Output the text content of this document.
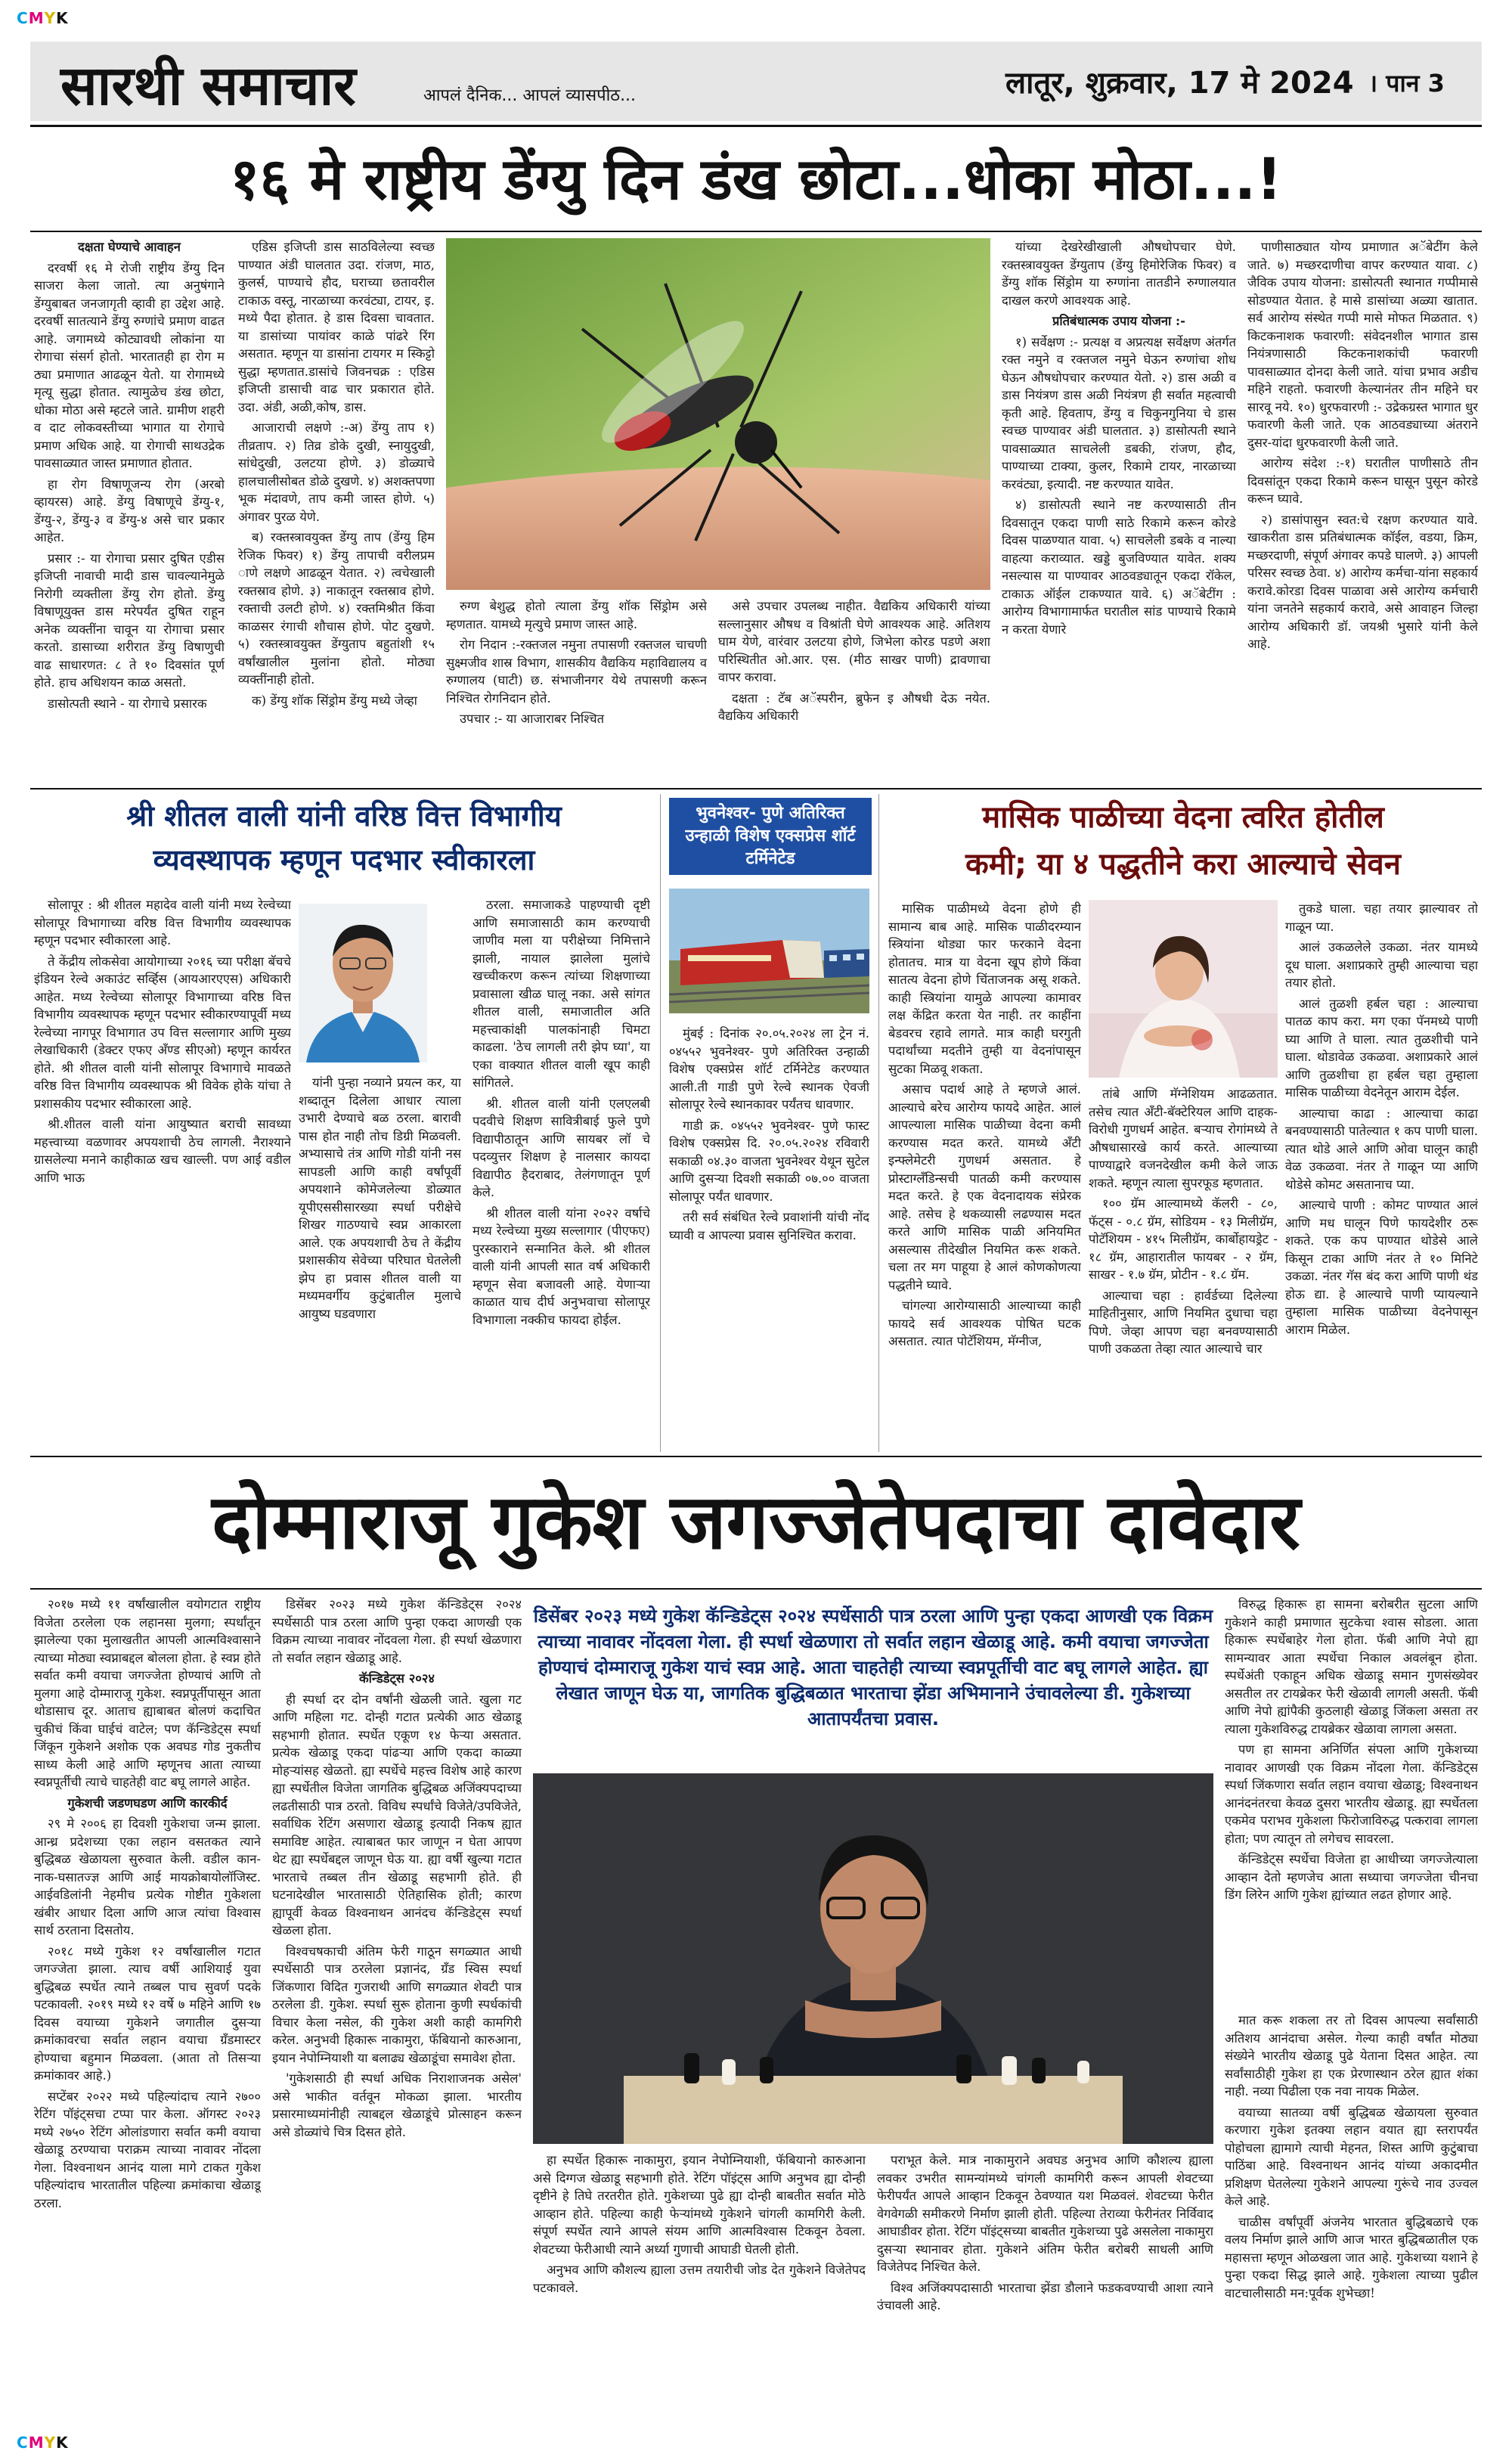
CMYK
CMYK
सारथी समाचार	आपलं दैनिक... आपलं व्यासपीठ...	लातूर, शुक्रवार, 17 मे 2024 । पान 3
१६ मे राष्ट्रीय डेंग्यु दिन डंख छोटा...धोका मोठा...!

दक्षता घेण्याचे आवाहन

दरवर्षी १६ मे रोजी राष्ट्रीय डेंग्यु दिन साजरा केला जातो. त्या अनुषंगाने डेंग्युबाबत जनजागृती व्हावी हा उद्देश आहे. दरवर्षी सातत्याने डेंग्यु रुग्णांचे प्रमाण वाढत आहे. जगामध्ये कोट्यावधी लोकांना या रोगाचा संसर्ग होतो. भारतातही हा रोग म ठ्या प्रमाणात आढळून येतो. या रोगामध्ये मृत्यू सुद्धा होतात. त्यामुळेच डंख छोटा, धोका मोठा असे म्हटले जाते. ग्रामीण शहरी व दाट लोकवस्तीच्या भागात या रोगाचे प्रमाण अधिक आहे. या रोगाची साथउद्रेक पावसाळ्यात जास्त प्रमाणात होतात.

हा रोग विषाणूजन्य रोग (अरबो व्हायरस) आहे. डेंग्यु विषाणूचे डेंग्यु-१, डेंग्यु-२, डेंग्यु-३ व डेंग्यु-४ असे चार प्रकार आहेत.

प्रसार :- या रोगाचा प्रसार दुषित एडीस इजिप्ती नावाची मादी डास चावल्यानेमुळे निरोगी व्यक्तीला डेंग्यु रोग होतो. डेंग्यु विषाणूयुक्त डास मरेपर्यंत दुषित राहून अनेक व्यक्तींना चावून या रोगाचा प्रसार करतो. डासाच्या शरीरात डेंग्यु विषाणुची वाढ साधारणत: ८ ते १० दिवसांत पूर्ण होते. हाच अधिशयन काळ असतो.

डासोत्पती स्थाने - या रोगाचे प्रसारक

एडिस इजिप्ती डास साठविलेल्या स्वच्छ पाण्यात अंडी घालतात उदा. रांजण, माठ, कुलर्स, पाण्याचे हौद, घराच्या छतावरील टाकाऊ वस्तू, नारळाच्या करवंट्या, टायर, इ. मध्ये पैदा होतात. हे डास दिवसा चावतात. या डासांच्या पायांवर काळे पांढरे रिंग असतात. म्हणून या डासांना टायगर म स्किट्टो सुद्धा म्हणतात.डासांचे जिवनचक्र : एडिस इजिप्ती डासाची वाढ चार प्रकारात होते. उदा. अंडी, अळी,कोष, डास.

आजाराची लक्षणे :-अ) डेंग्यु ताप १) तीव्रताप. २) तिव्र डोके दुखी, स्नायुदुखी, सांधेदुखी, उलटया होणे. ३) डोळ्याचे हालचालीसोबत डोळे दुखणे. ४) अशक्तपणा भूक मंदावणे, ताप कमी जास्त होणे. ५) अंगावर पुरळ येणे.

ब) रक्तस्त्रावयुक्त डेंग्यु ताप (डेंग्यु हिम रेजिक फिवर) १) डेंग्यु तापाची वरीलप्रम ाणे लक्षणे आढळून येतात. २) त्वचेखाली रक्तस्राव होणे. ३) नाकातून रक्तस्राव होणे. रक्ताची उलटी होणे. ४) रक्तमिश्रीत किंवा काळसर रंगाची शौचास होणे. पोट दुखणे. ५) रक्तस्त्रावयुक्त डेंग्युताप बहुतांशी १५ वर्षांखालील मुलांना होतो. मोठ्या व्यक्तींनाही होतो.

क) डेंग्यु शॉक सिंड्रोम डेंग्यु मध्ये जेव्हा

रुग्ण बेशुद्ध होतो त्याला डेंग्यु शॉक सिंड्रोम असे म्हणतात. यामध्ये मृत्युचे प्रमाण जास्त आहे.

रोग निदान :-रक्तजल नमुना तपासणी रक्तजल चाचणी सुक्ष्मजीव शास्र विभाग, शासकीय वैद्यकिय महाविद्यालय व रुग्णालय (घाटी) छ. संभाजीनगर येथे तपासणी करून निश्चित रोगनिदान होते.

उपचार :- या आजाराबर निश्चित

असे उपचार उपलब्ध नाहीत. वैद्यकिय अधिकारी यांच्या सल्लानुसार औषध व विश्रांती घेणे आवश्यक आहे. अतिशय घाम येणे, वारंवार उलटया होणे, जिभेला कोरड पडणे अशा परिस्थितीत ओ.आर. एस. (मीठ साखर पाणी) द्रावणाचा वापर करावा.

दक्षता : टॅब अॅस्परीन, ब्रुफेन इ औषधी देऊ नयेत. वैद्यकिय अधिकारी

यांच्या देखरेखीखाली औषधोपचार घेणे. रक्तस्त्रावयुक्त डेंग्युताप (डेंग्यु हिमोरेजिक फिवर) व डेंग्यु शॉक सिंड्रोम या रुग्णांना तातडीने रुग्णालयात दाखल करणे आवश्यक आहे.

प्रतिबंधात्मक उपाय योजना :-

१) सर्वेक्षण :- प्रत्यक्ष व अप्रत्यक्ष सर्वेक्षण अंतर्गत रक्त नमुने व रक्तजल नमुने घेऊन रुग्णांचा शोध घेऊन औषधोपचार करण्यात येतो. २) डास अळी व डास नियंत्रण डास अळी नियंत्रण ही सर्वात महत्वाची कृती आहे. हिवताप, डेंग्यु व चिकुनगुनिया चे डास स्वच्छ पाण्यावर अंडी घालतात. ३) डासोत्पती स्थाने पावसाळ्यात साचलेली डबकी, रांजण, हौद, पाण्याच्या टाक्या, कुलर, रिकामे टायर, नारळाच्या करवंट्या, इत्यादी. नष्ट करण्यात यावेत.

४) डासोत्पती स्थाने नष्ट करण्यासाठी तीन दिवसातून एकदा पाणी साठे रिकामे करून कोरडे दिवस पाळण्यात यावा. ५) साचलेली डबके व नाल्या वाहत्या कराव्यात. खड्डे बुजविण्यात यावेत. शक्य नसल्यास या पाण्यावर आठवड्यातून एकदा रॉकेल, टाकाऊ ऑईल टाकण्यात यावे. ६) अॅबेटींग : आरोग्य विभागामार्फत घरातील सांड पाण्याचे रिकामे न करता येणारे

पाणीसाठ्यात योग्य प्रमाणात अॅबेटींग केले जाते. ७) मच्छरदाणीचा वापर करण्यात यावा. ८) जैविक उपाय योजना: डासोत्पती स्थानात गप्पीमासे सोडण्यात येतात. हे मासे डासांच्या अळ्या खातात. सर्व आरोग्य संस्थेत गप्पी मासे मोफत मिळतात. ९) किटकनाशक फवारणी: संवेदनशील भागात डास नियंत्रणासाठी किटकनाशकांची फवारणी पावसाळ्यात दोनदा केली जाते. यांचा प्रभाव अडीच महिने राहतो. फवारणी केल्यानंतर तीन महिने घर सारवू नये. १०) धुरफवारणी :- उद्रेकग्रस्त भागात धुर फवारणी केली जाते. एक आठवड्याच्या अंतराने दुसर-यांदा धुरफवारणी केली जाते.

आरोग्य संदेश :-१) घरातील पाणीसाठे तीन दिवसांतून एकदा रिकामे करून घासून पुसून कोरडे करून घ्यावे.

२) डासांपासुन स्वत:चे रक्षण करण्यात यावे. खाकरीता डास प्रतिबंधात्मक कॉईल, वडया, क्रिम, मच्छरदाणी, संपूर्ण अंगावर कपडे घालणे. ३) आपली परिसर स्वच्छ ठेवा. ४) आरोग्य कर्मचा-यांना सहकार्य करावे.कोरडा दिवस पाळावा असे आरोग्य कर्मचारी यांना जनतेने सहकार्य करावे, असे आवाहन जिल्हा आरोग्य अधिकारी डॉ. जयश्री भुसारे यांनी केले आहे.

श्री शीतल वाली यांनी वरिष्ठ वित्त विभागीय
व्यवस्थापक म्हणून पदभार स्वीकारला

सोलापूर : श्री शीतल महादेव वाली यांनी मध्य रेल्वेच्या सोलापूर विभागाच्या वरिष्ठ वित्त विभागीय व्यवस्थापक म्हणून पदभार स्वीकारला आहे.

ते केंद्रीय लोकसेवा आयोगाच्या २०१६ च्या परीक्षा बॅचचे इंडियन रेल्वे अकाउंट सर्व्हिस (आयआरएएस) अधिकारी आहेत. मध्य रेल्वेच्या सोलापूर विभागाच्या वरिष्ठ वित्त विभागीय व्यवस्थापक म्हणून पदभार स्वीकारण्यापूर्वी मध्य रेल्वेच्या नागपूर विभागात उप वित्त सल्लागार आणि मुख्य लेखाधिकारी (डेक्टर एफए अँण्ड सीएओ) म्हणून कार्यरत होते. श्री शीतल वाली यांनी सोलापूर विभागाचे मावळते वरिष्ठ वित्त विभागीय व्यवस्थापक श्री विवेक होके यांचा ते प्रशासकीय पदभार स्वीकारला आहे.

श्री.शीतल वाली यांना आयुष्यात बराची सावध्या महत्त्वाच्या वळणावर अपयशाची ठेच लागली. नैराश्याने ग्रासलेल्या मनाने काहीकाळ खच खाल्ली. पण आई वडील आणि भाऊ

यांनी पुन्हा नव्याने प्रयत्न कर, या शब्दातून दिलेला आधार त्याला उभारी देण्याचे बळ ठरला. बारावी पास होत नाही तोच डिग्री मिळवली. अभ्यासाचे तंत्र आणि गोडी यांनी नस सापडली आणि काही वर्षांपूर्वी अपयशाने कोमेजलेल्या डोळ्यात यूपीएससीसारख्या स्पर्धा परीक्षेचे शिखर गाठण्याचे स्वप्न आकारला आले. एक अपयशाची ठेच ते केंद्रीय प्रशासकीय सेवेच्या परिघात घेतलेली झेप हा प्रवास शीतल वाली या मध्यमवर्गीय कुटुंबातील मुलाचे आयुष्य घडवणारा

ठरला. समाजाकडे पाहण्याची दृष्टी आणि समाजासाठी काम करण्याची जाणीव मला या परीक्षेच्या निमित्ताने झाली, नायाल झालेला मुलांचे खच्चीकरण करून त्यांच्या शिक्षणाच्या प्रवासाला खीळ घालू नका. असे सांगत शीतल वाली, समाजातील अति महत्त्वाकांक्षी पालकांनाही चिमटा काढला. 'ठेच लागली तरी झेप घ्या', या एका वाक्यात शीतल वाली खूप काही सांगितले.

श्री. शीतल वाली यांनी एलएलबी पदवीचे शिक्षण सावित्रीबाई फुले पुणे विद्यापीठातून आणि सायबर लॉ चे पदव्युत्तर शिक्षण हे नालसार कायदा विद्यापीठ हैदराबाद, तेलंगणातून पूर्ण केले.

श्री शीतल वाली यांना २०२२ वर्षाचे मध्य रेल्वेच्या मुख्य सल्लागार (पीएफए) पुरस्काराने सन्मानित केले. श्री शीतल वाली यांनी आपली सात वर्ष अधिकारी म्हणून सेवा बजावली आहे. येणाऱ्या काळात याच दीर्घ अनुभवाचा सोलापूर विभागाला नक्कीच फायदा होईल.

भुवनेश्वर- पुणे अतिरिक्त उन्हाळी विशेष एक्सप्रेस शॉर्ट टर्मिनेटेड

मुंबई : दिनांक २०.०५.२०२४ ला ट्रेन नं. ०४५५२ भुवनेश्वर- पुणे अतिरिक्त उन्हाळी विशेष एक्सप्रेस शॉर्ट टर्मिनेटेड करण्यात आली.ती गाडी पुणे रेल्वे स्थानक ऐवजी सोलापूर रेल्वे स्थानकावर पर्यंतच धावणार.

गाडी क्र. ०४५५२ भुवनेश्वर- पुणे फास्ट विशेष एक्सप्रेस दि. २०.०५.२०२४ रविवारी सकाळी ०४.३० वाजता भुवनेश्वर येथून सुटेल आणि दुसऱ्या दिवशी सकाळी ०७.०० वाजता सोलापूर पर्यंत धावणार.

तरी सर्व संबंधित रेल्वे प्रवाशांनी यांची नोंद घ्यावी व आपल्या प्रवास सुनिश्चित करावा.

मासिक पाळीच्या वेदना त्वरित होतील
कमी; या ४ पद्धतीने करा आल्याचे सेवन

मासिक पाळीमध्ये वेदना होणे ही सामान्य बाब आहे. मासिक पाळीदरम्यान स्त्रियांना थोड्या फार फरकाने वेदना होतातच. मात्र या वेदना खूप होणे किंवा सातत्य वेदना होणे चिंताजनक असू शकते. काही स्त्रियांना यामुळे आपल्या कामावर लक्ष केंद्रित करता येत नाही. तर काहींना बेडवरच रहावे लागते. मात्र काही घरगुती पदार्थांच्या मदतीने तुम्ही या वेदनांपासून सुटका मिळवू शकता.

असाच पदार्थ आहे ते म्हणजे आलं. आल्याचे बरेच आरोग्य फायदे आहेत. आलं आपल्याला मासिक पाळीच्या वेदना कमी करण्यास मदत करते. यामध्ये अँटी इन्फ्लेमेटरी गुणधर्म असतात. हे प्रोस्टाग्लँडिन्सची पातळी कमी करण्यास मदत करते. हे एक वेदनादायक संप्रेरक आहे. तसेच हे थकव्यासी लढण्यास मदत करते आणि मासिक पाळी अनियमित असल्यास तीदेखील नियमित करू शकते. चला तर मग पाहूया हे आलं कोणकोणत्या पद्धतीने घ्यावे.

चांगल्या आरोग्यासाठी आल्याच्या काही फायदे सर्व आवश्यक पोषित घटक असतात. त्यात पोटॅशियम, मॅग्नीज,

तांबे आणि मॅग्नेशियम आढळतात. तसेच त्यात अँटी-बॅक्टेरियल आणि दाहक-विरोधी गुणधर्म आहेत. बऱ्याच रोगांमध्ये ते औषधासारखे कार्य करते. आल्याच्या पाण्याद्वारे वजनदेखील कमी केले जाऊ शकते. म्हणून त्याला सुपरफूड म्हणतात.

१०० ग्रॅम आल्यामध्ये कॅलरी - ८०, फॅट्स - ०.८ ग्रॅम, सोडियम - १३ मिलीग्रॅम, पोटॅशियम - ४१५ मिलीग्रॅम, कार्बोहायड्रेट - १८ ग्रॅम, आहारातील फायबर - २ ग्रॅम, साखर - १.७ ग्रॅम, प्रोटीन - १.८ ग्रॅम.

आल्याचा चहा : हार्वर्डच्या दिलेल्या माहितीनुसार, आणि नियमित दुधाचा चहा पिणे. जेव्हा आपण चहा बनवण्यासाठी पाणी उकळता तेव्हा त्यात आल्याचे चार

तुकडे घाला. चहा तयार झाल्यावर तो गाळून प्या.

आलं उकळलेले उकळा. नंतर यामध्ये दूध घाला. अशाप्रकारे तुम्ही आल्याचा चहा तयार होतो.

आलं तुळशी हर्बल चहा : आल्याचा पातळ काप करा. मग एका पॅनमध्ये पाणी घ्या आणि ते घाला. त्यात तुळशीची पाने घाला. थोडावेळ उकळवा. अशाप्रकारे आलं आणि तुळशीचा हा हर्बल चहा तुम्हाला मासिक पाळीच्या वेदनेतून आराम देईल.

आल्याचा काढा : आल्याचा काढा बनवण्यासाठी पातेल्यात १ कप पाणी घाला. त्यात थोडे आले आणि ओवा घालून काही वेळ उकळवा. नंतर ते गाळून प्या आणि थोडेसे कोमट असतानाच प्या.

आल्याचे पाणी : कोमट पाण्यात आलं आणि मध घालून पिणे फायदेशीर ठरू शकते. एक कप पाण्यात थोडेसे आले किसून टाका आणि नंतर ते १० मिनिटे उकळा. नंतर गॅस बंद करा आणि पाणी थंड होऊ द्या. हे आल्याचे पाणी प्यायल्याने तुम्हाला मासिक पाळीच्या वेदनेपासून आराम मिळेल.

दोम्माराजू गुकेश जगज्जेतेपदाचा दावेदार

२०१७ मध्ये ११ वर्षांखालील वयोगटात राष्ट्रीय विजेता ठरलेला एक लहानसा मुलगा; स्पर्धांतून झालेल्या एका मुलाखतीत आपली आत्मविश्वासाने त्याच्या मोठ्या स्वप्नाबद्दल बोलला होता. हे स्वप्न होते सर्वात कमी वयाचा जगज्जेता होण्याचं आणि तो मुलगा आहे दोम्माराजू गुकेश. स्वप्नपूर्तीपासून आता थोडासाच दूर. आताच ह्याबाबत बोलणं कदाचित चुकीचं किंवा घाईचं वाटेल; पण कॅन्डिडेट्स स्पर्धा जिंकून गुकेशने अशोक एक अवघड गोड नुकतीच साध्य केली आहे आणि म्हणूनच आता त्याच्या स्वप्नपूर्तीची त्याचे चाहतेही वाट बघू लागले आहेत.

गुकेशची जडणघडण आणि कारकीर्द

२९ मे २००६ हा दिवशी गुकेशचा जन्म झाला. आन्ध्र प्रदेशच्या एका लहान वसतकत त्याने बुद्धिबळ खेळायला सुरुवात केली. वडील कान-नाक-घसातज्ज्ञ आणि आई मायक्रोबायोलॉजिस्ट. आईवडिलांनी नेहमीच प्रत्येक गोष्टीत गुकेशला खंबीर आधार दिला आणि आज त्यांचा विश्वास सार्थ ठरताना दिसतोय.

२०१८ मध्ये गुकेश १२ वर्षांखालील गटात जगज्जेता झाला. त्याच वर्षी आशियाई युवा बुद्धिबळ स्पर्धेत त्याने तब्बल पाच सुवर्ण पदके पटकावली. २०१९ मध्ये १२ वर्षे ७ महिने आणि १७ दिवस वयाच्या गुकेशने जगातील दुसऱ्या क्रमांकावरचा सर्वात लहान वयाचा ग्रॅंडमास्टर होण्याचा बहुमान मिळवला. (आता तो तिसऱ्या क्रमांकावर आहे.)

सप्टेंबर २०२२ मध्ये पहिल्यांदाच त्याने २७०० रेटिंग पॉइंट्सचा टप्पा पार केला. ऑगस्ट २०२३ मध्ये २७५० रेटिंग ओलांडणारा सर्वात कमी वयाचा खेळाडू ठरण्याचा पराक्रम त्याच्या नावावर नोंदला गेला. विश्वनाथन आनंद याला मागे टाकत गुकेश पहिल्यांदाच भारतातील पहिल्या क्रमांकाचा खेळाडू ठरला.

डिसेंबर २०२३ मध्ये गुकेश कॅन्डिडेट्स २०२४ स्पर्धेसाठी पात्र ठरला आणि पुन्हा एकदा आणखी एक विक्रम त्याच्या नावावर नोंदवला गेला. ही स्पर्धा खेळणारा तो सर्वात लहान खेळाडू आहे.

कॅन्डिडेट्स २०२४

ही स्पर्धा दर दोन वर्षांनी खेळली जाते. खुला गट आणि महिला गट. दोन्ही गटात प्रत्येकी आठ खेळाडू सहभागी होतात. स्पर्धेत एकूण १४ फेऱ्या असतात. प्रत्येक खेळाडू एकदा पांढऱ्या आणि एकदा काळ्या मोहऱ्यांसह खेळतो. ह्या स्पर्धेचे महत्त्व विशेष आहे कारण ह्या स्पर्धेतील विजेता जागतिक बुद्धिबळ अजिंक्यपदाच्या लढतीसाठी पात्र ठरतो. विविध स्पर्धांचे विजेते/उपविजेते, सर्वाधिक रेटिंग असणारा खेळाडू इत्यादी निकष ह्यात समाविष्ट आहेत. त्याबाबत फार जाणून न घेता आपण थेट ह्या स्पर्धेबद्दल जाणून घेऊ या. ह्या वर्षी खुल्या गटात भारताचे तब्बल तीन खेळाडू सहभागी होते. ही घटनादेखील भारतासाठी ऐतिहासिक होती; कारण ह्यापूर्वी केवळ विश्वनाथन आनंदच कॅन्डिडेट्स स्पर्धा खेळला होता.

विश्वचषकाची अंतिम फेरी गाठून सगळ्यात आधी स्पर्धेसाठी पात्र ठरलेला प्रज्ञानंद, ग्रँड स्विस स्पर्धा जिंकणारा विदित गुजराथी आणि सगळ्यात शेवटी पात्र ठरलेला डी. गुकेश. स्पर्धा सुरू होताना कुणी स्पर्धकांची विचार केला नसेल, की गुकेश अशी काही कामगिरी करेल. अनुभवी हिकारू नाकामुरा, फॅबियानो कारुआना, इयान नेपोम्नियाशी या बलाढ्य खेळाडूंचा समावेश होता.

'गुकेशसाठी ही स्पर्धा अधिक निराशाजनक असेल' असे भाकीत वर्तवून मोकळा झाला. भारतीय प्रसारमाध्यमांनीही त्याबद्दल खेळाडूंचे प्रोत्साहन करून असे डोळ्यांचे चित्र दिसत होते.

डिसेंबर २०२३ मध्ये गुकेश कॅन्डिडेट्स २०२४ स्पर्धेसाठी पात्र ठरला आणि पुन्हा एकदा आणखी एक विक्रम त्याच्या नावावर नोंदवला गेला. ही स्पर्धा खेळणारा तो सर्वात लहान खेळाडू आहे. कमी वयाचा जगज्जेता होण्याचं दोम्माराजू गुकेश याचं स्वप्न आहे. आता चाहतेही त्याच्या स्वप्नपूर्तीची वाट बघू लागले आहेत. ह्या लेखात जाणून घेऊ या, जागतिक बुद्धिबळात भारताचा झेंडा अभिमानाने उंचावलेल्या डी. गुकेशच्या आतापर्यंतचा प्रवास.

हा स्पर्धेत हिकारू नाकामुरा, इयान नेपोम्नियाशी, फॅबियानो कारुआना असे दिग्गज खेळाडू सहभागी होते. रेटिंग पॉइंट्स आणि अनुभव ह्या दोन्ही दृष्टीने हे तिघे तरतरीत होते. गुकेशच्या पुढे ह्या दोन्ही बाबतीत सर्वात मोठे आव्हान होते. पहिल्या काही फेऱ्यांमध्ये गुकेशने चांगली कामगिरी केली. संपूर्ण स्पर्धेत त्याने आपले संयम आणि आत्मविश्वास टिकवून ठेवला. शेवटच्या फेरीआधी त्याने अर्ध्या गुणाची आघाडी घेतली होती.

अनुभव आणि कौशल्य ह्याला उत्तम तयारीची जोड देत गुकेशने विजेतेपद पटकावले.

पराभूत केले. मात्र नाकामुराने अवघड अनुभव आणि कौशल्य ह्याला लवकर उभरीत सामन्यांमध्ये चांगली कामगिरी करून आपली शेवटच्या फेरीपर्यंत आपले आव्हान टिकवून ठेवण्यात यश मिळवलं. शेवटच्या फेरीत वेगवेगळी समीकरणे निर्माण झाली होती. पहिल्या तेराव्या फेरीनंतर निर्विवाद आघाडीवर होता. रेटिंग पॉइंट्सच्या बाबतीत गुकेशच्या पुढे असलेला नाकामुरा दुसऱ्या स्थानावर होता. गुकेशने अंतिम फेरीत बरोबरी साधली आणि विजेतेपद निश्चित केले.

विश्व अजिंक्यपदासाठी भारताचा झेंडा डौलाने फडकवण्याची आशा त्याने उंचावली आहे.

विरुद्ध हिकारू हा सामना बरोबरीत सुटला आणि गुकेशने काही प्रमाणात सुटकेचा श्वास सोडला. आता हिकारू स्पर्धेबाहेर गेला होता. फॅबी आणि नेपो ह्या सामन्यावर आता स्पर्धेचा निकाल अवलंबून होता. स्पर्धेअंती एकाहून अधिक खेळाडू समान गुणसंख्येवर असतील तर टायब्रेकर फेरी खेळावी लागली असती. फॅबी आणि नेपो ह्यांपैकी कुठलाही खेळाडू जिंकला असता तर त्याला गुकेशविरुद्ध टायब्रेकर खेळावा लागला असता.

पण हा सामना अनिर्णित संपला आणि गुकेशच्या नावावर आणखी एक विक्रम नोंदला गेला. कॅन्डिडेट्स स्पर्धा जिंकणारा सर्वात लहान वयाचा खेळाडू; विश्वनाथन आनंदनंतरचा केवळ दुसरा भारतीय खेळाडू. ह्या स्पर्धेतला एकमेव पराभव गुकेशला फिरोजाविरुद्ध पत्करावा लागला होता; पण त्यातून तो लगेचच सावरला.

कॅन्डिडेट्स स्पर्धेचा विजेता हा आधीच्या जगज्जेत्याला आव्हान देतो म्हणजेच आता सध्याचा जगज्जेता चीनचा डिंग लिरेन आणि गुकेश ह्यांच्यात लढत होणार आहे.

मात करू शकला तर तो दिवस आपल्या सर्वांसाठी अतिशय आनंदाचा असेल. गेल्या काही वर्षांत मोठ्या संख्येने भारतीय खेळाडू पुढे येताना दिसत आहेत. त्या सर्वांसाठीही गुकेश हा एक प्रेरणास्थान ठरेल ह्यात शंका नाही. नव्या पिढीला एक नवा नायक मिळेल.

वयाच्या सातव्या वर्षी बुद्धिबळ खेळायला सुरुवात करणारा गुकेश इतक्या लहान वयात ह्या स्तरापर्यंत पोहोचला ह्यामागे त्याची मेहनत, शिस्त आणि कुटुंबाचा पाठिंबा आहे. विश्वनाथन आनंद यांच्या अकादमीत प्रशिक्षण घेतलेल्या गुकेशने आपल्या गुरूंचे नाव उज्वल केले आहे.

चाळीस वर्षांपूर्वी अंजनेय भारतात बुद्धिबळाचे एक वलय निर्माण झाले आणि आज भारत बुद्धिबळातील एक महासत्ता म्हणून ओळखला जात आहे. गुकेशच्या यशाने हे पुन्हा एकदा सिद्ध झाले आहे. गुकेशला त्याच्या पुढील वाटचालीसाठी मन:पूर्वक शुभेच्छा!
